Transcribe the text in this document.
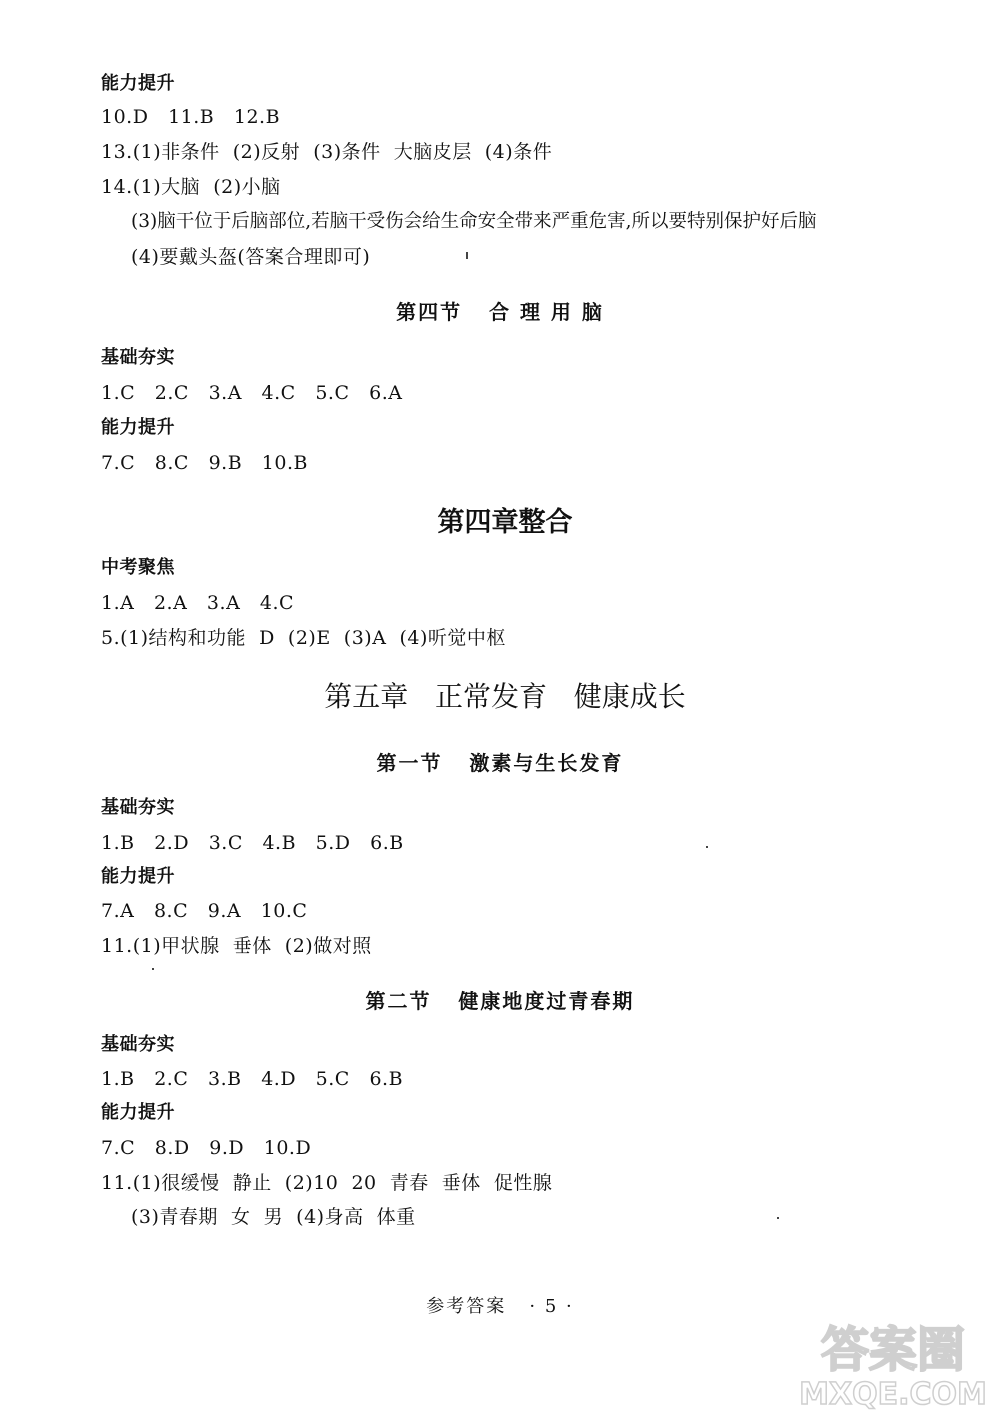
能力提升
10.D   11.B   12.B
13.(1)非条件  (2)反射  (3)条件  大脑皮层  (4)条件
14.(1)大脑  (2)小脑
(3)脑干位于后脑部位,若脑干受伤会给生命安全带来严重危害,所以要特别保护好后脑
(4)要戴头盔(答案合理即可)
第四节   合 理 用 脑
基础夯实
1.C   2.C   3.A   4.C   5.C   6.A
能力提升
7.C   8.C   9.B   10.B
第四章整合
中考聚焦
1.A   2.A   3.A   4.C
5.(1)结构和功能  D  (2)E  (3)A  (4)听觉中枢
第五章   正常发育   健康成长
第一节   激素与生长发育
基础夯实
1.B   2.D   3.C   4.B   5.D   6.B
能力提升
7.A   8.C   9.A   10.C
11.(1)甲状腺  垂体  (2)做对照
第二节   健康地度过青春期
基础夯实
1.B   2.C   3.B   4.D   5.C   6.B
能力提升
7.C   8.D   9.D   10.D
11.(1)很缓慢  静止  (2)10  20  青春  垂体  促性腺
(3)青春期  女  男  (4)身高  体重
参考答案   · 5 ·
答案圈
MXQE.COM
